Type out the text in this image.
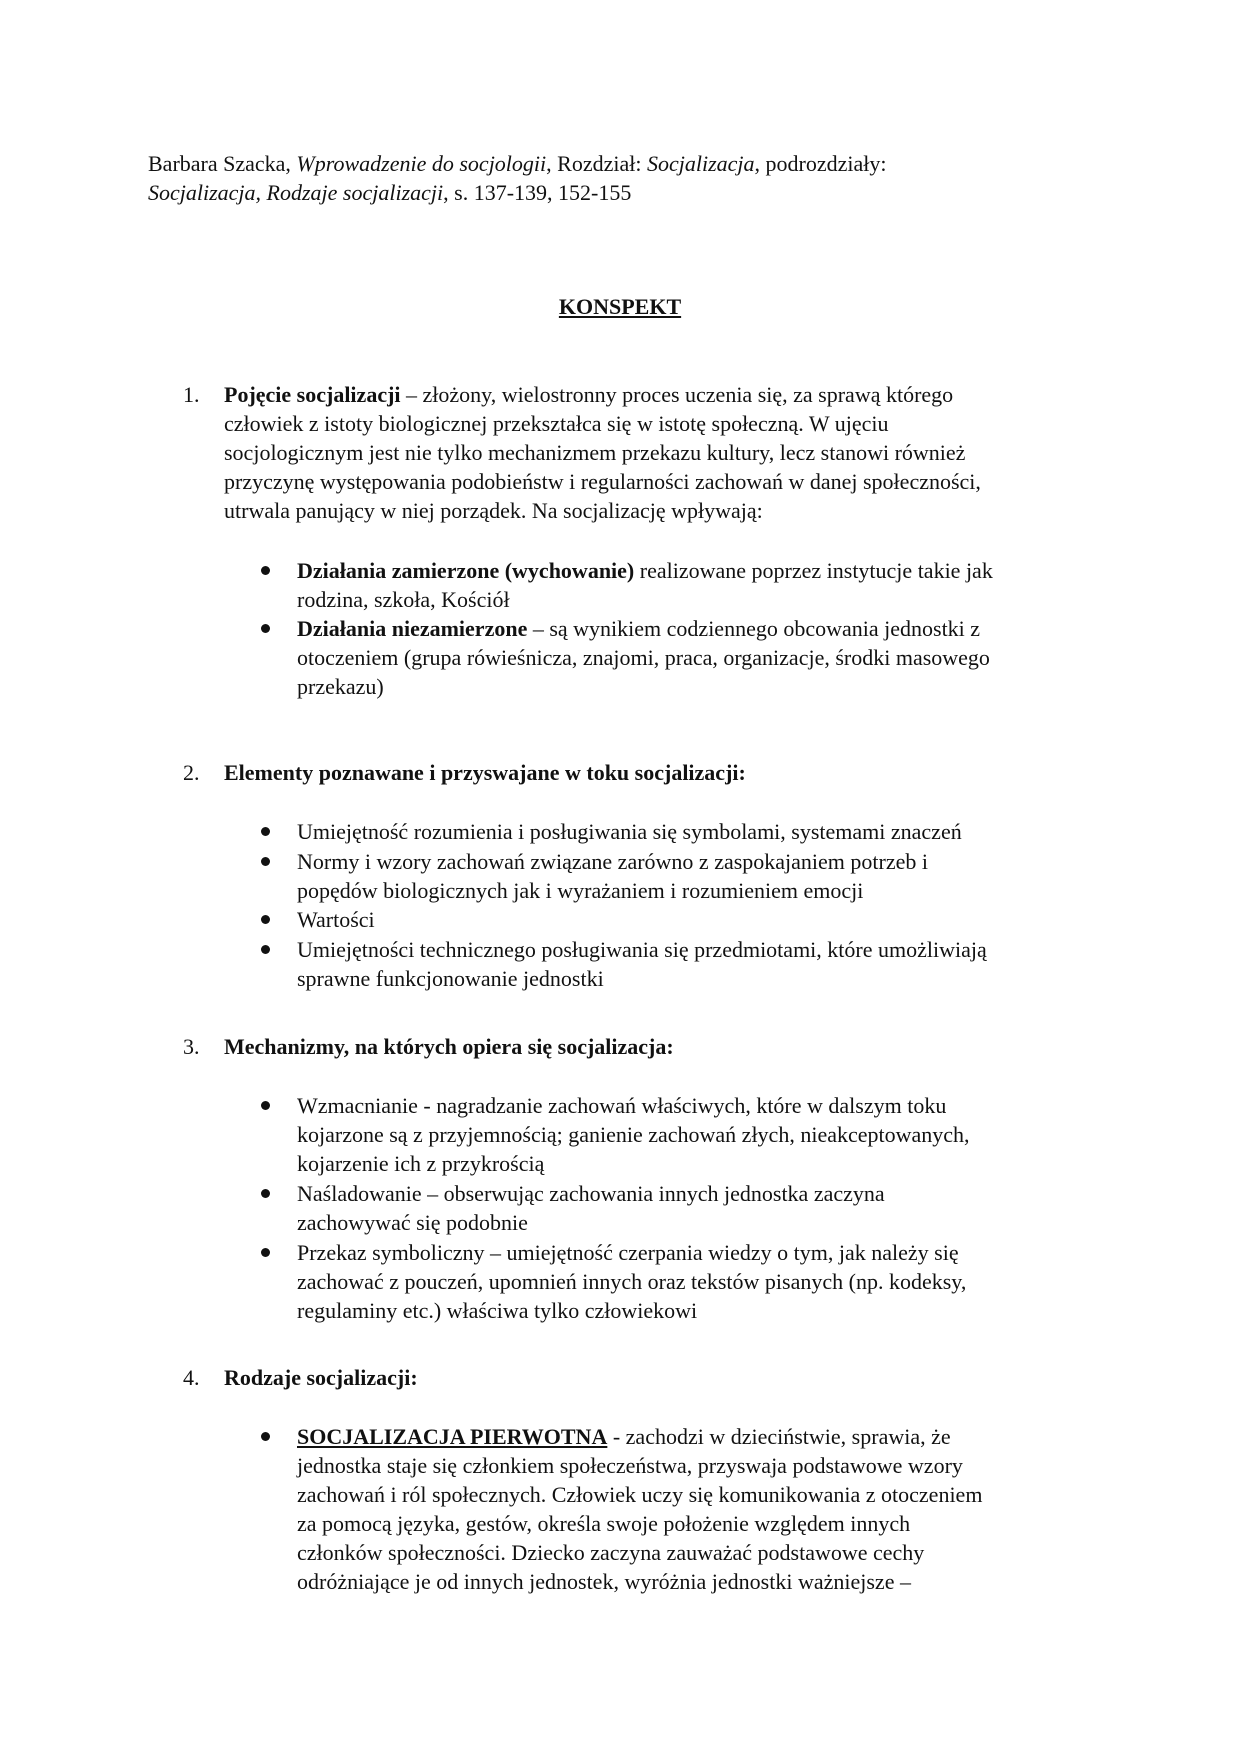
Barbara Szacka, Wprowadzenie do socjologii, Rozdział: Socjalizacja, podrozdziały:
Socjalizacja, Rodzaje socjalizacji, s. 137-139, 152-155
KONSPEKT
1. Pojęcie socjalizacji – złożony, wielostronny proces uczenia się, za sprawą którego
człowiek z istoty biologicznej przekształca się w istotę społeczną. W ujęciu
socjologicznym jest nie tylko mechanizmem przekazu kultury, lecz stanowi również
przyczynę występowania podobieństw i regularności zachowań w danej społeczności,
utrwala panujący w niej porządek. Na socjalizację wpływają:
Działania zamierzone (wychowanie) realizowane poprzez instytucje takie jak
rodzina, szkoła, Kościół
Działania niezamierzone – są wynikiem codziennego obcowania jednostki z
otoczeniem (grupa rówieśnicza, znajomi, praca, organizacje, środki masowego
przekazu)
2. Elementy poznawane i przyswajane w toku socjalizacji:
Umiejętność rozumienia i posługiwania się symbolami, systemami znaczeń
Normy i wzory zachowań związane zarówno z zaspokajaniem potrzeb i
popędów biologicznych jak i wyrażaniem i rozumieniem emocji
Wartości
Umiejętności technicznego posługiwania się przedmiotami, które umożliwiają
sprawne funkcjonowanie jednostki
3. Mechanizmy, na których opiera się socjalizacja:
Wzmacnianie - nagradzanie zachowań właściwych, które w dalszym toku
kojarzone są z przyjemnością; ganienie zachowań złych, nieakceptowanych,
kojarzenie ich z przykrością
Naśladowanie – obserwując zachowania innych jednostka zaczyna
zachowywać się podobnie
Przekaz symboliczny – umiejętność czerpania wiedzy o tym, jak należy się
zachować z pouczeń, upomnień innych oraz tekstów pisanych (np. kodeksy,
regulaminy etc.) właściwa tylko człowiekowi
4. Rodzaje socjalizacji:
SOCJALIZACJA PIERWOTNA - zachodzi w dzieciństwie, sprawia, że
jednostka staje się członkiem społeczeństwa, przyswaja podstawowe wzory
zachowań i ról społecznych. Człowiek uczy się komunikowania z otoczeniem
za pomocą języka, gestów, określa swoje położenie względem innych
członków społeczności. Dziecko zaczyna zauważać podstawowe cechy
odróżniające je od innych jednostek, wyróżnia jednostki ważniejsze –
